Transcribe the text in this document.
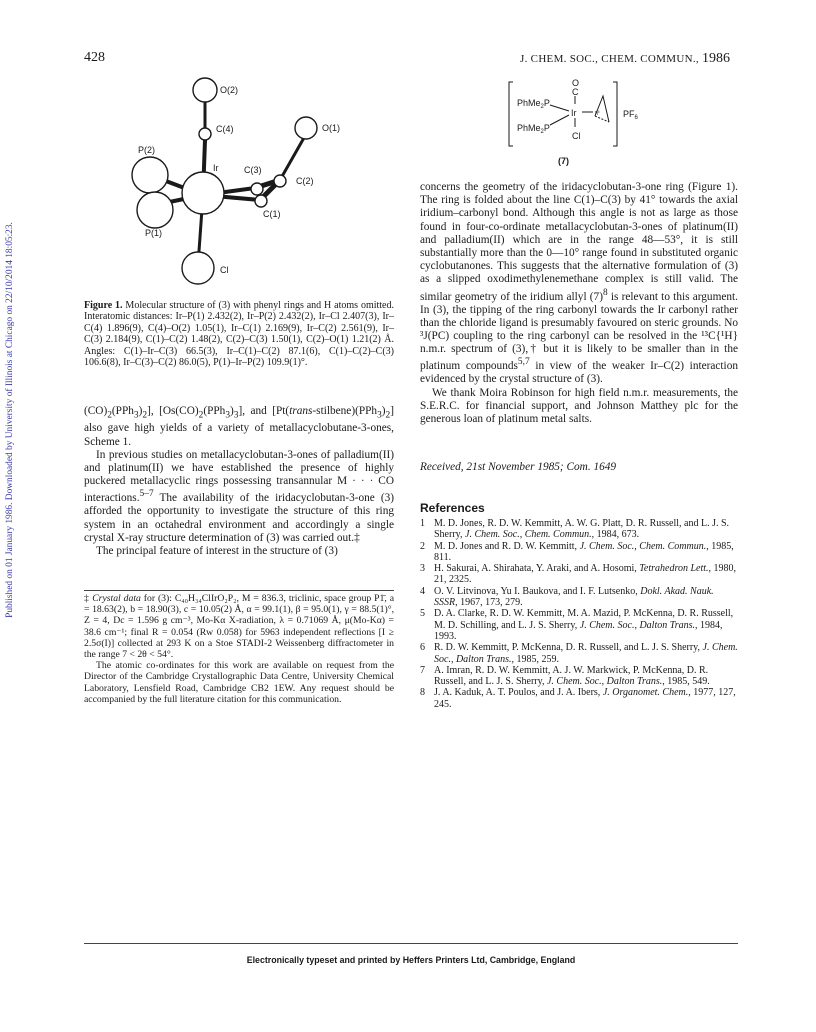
428	J. CHEM. SOC., CHEM. COMMUN., 1986
Published on 01 January 1986. Downloaded by University of Illinois at Chicago on 22/10/2014 18:05:23.
O(2)
C(4)	O(1)
P(2)
Ir	C(3)
C(2)
C(1)
P(1)
Cl
Figure 1. Molecular structure of (3) with phenyl rings and H atoms omitted. Interatomic distances: Ir–P(1) 2.432(2), Ir–P(2) 2.432(2), Ir–Cl 2.407(3), Ir–C(4) 1.896(9), C(4)–O(2) 1.05(1), Ir–C(1) 2.169(9), Ir–C(2) 2.561(9), Ir–C(3) 2.184(9), C(1)–C(2) 1.48(2), C(2)–C(3) 1.50(1), C(2)–O(1) 1.21(2) Å. Angles: C(1)–Ir–C(3) 66.5(3), Ir–C(1)–C(2) 87.1(6), C(1)–C(2)–C(3) 106.6(8), Ir–C(3)–C(2) 86.0(5), P(1)–Ir–P(2) 109.9(1)°.

$(CO)_2(PPh_3)_2$], $[Os(CO)_2(PPh_3)_3]$, and $[Pt(trans-stilbene)(PPh_3)_2]$ also gave high yields of a variety of metallacyclobutane-3-ones, Scheme 1.

In previous studies on metallacyclobutan-3-ones of palladium(II) and platinum(II) we have established the presence of highly puckered metallacyclic rings possessing transannular M · · · CO interactions.$^{5-7}$ The availability of the iridacyclobutan-3-one (3) afforded the opportunity to investigate the structure of this ring system in an octahedral environment and accordingly a single crystal X-ray structure determination of (3) was carried out.‡

The principal feature of interest in the structure of (3)

‡ Crystal data for (3): C₄₀H₃₄ClIrO₂P₂, M = 836.3, triclinic, space group P1̄, a = 18.63(2), b = 18.90(3), c = 10.05(2) Å, α = 99.1(1), β = 95.0(1), γ = 88.5(1)°, Z = 4, Dc = 1.596 g cm⁻³, Mo-Kα X-radiation, λ = 0.71069 Å, μ(Mo-Kα) = 38.6 cm⁻¹; final R = 0.054 (Rw 0.058) for 5963 independent reflections [I ≥ 2.5σ(I)] collected at 293 K on a Stoe STADI-2 Weissenberg diffractometer in the range 7 < 2θ < 54°.

The atomic co-ordinates for this work are available on request from the Director of the Cambridge Crystallographic Data Centre, University Chemical Laboratory, Lensfield Road, Cambridge CB2 1EW. Any request should be accompanied by the full literature citation for this communication.

O
C
PhMe$_2$P
Ir
PhMe$_2$P
Cl
$PF_6$
η³
(7)

concerns the geometry of the iridacyclobutan-3-one ring (Figure 1). The ring is folded about the line C(1)–C(3) by 41° towards the axial iridium–carbonyl bond. Although this angle is not as large as those found in four-co-ordinate metallacyclobutan-3-ones of platinum(II) and palladium(II) which are in the range 48—53°, it is still substantially more than the 0—10° range found in substituted organic cyclobutanones. This suggests that the alternative formulation of (3) as a slipped oxodimethylenemethane complex is still valid. The similar geometry of the iridium allyl $(7)^8$ is relevant to this argument. In (3), the tipping of the ring carbonyl towards the Ir carbonyl rather than the chloride ligand is presumably favoured on steric grounds. No ³J(PC) coupling to the ring carbonyl can be resolved in the ¹³C{¹H} n.m.r. spectrum of (3),† but it is likely to be smaller than in the platinum compounds$^{5,7}$ in view of the weaker Ir–C(2) interaction evidenced by the crystal structure of (3).

We thank Moira Robinson for high field n.m.r. measurements, the S.E.R.C. for financial support, and Johnson Matthey plc for the generous loan of platinum metal salts.

Received, 21st November 1985; Com. 1649
References
1 M. D. Jones, R. D. W. Kemmitt, A. W. G. Platt, D. R. Russell, and L. J. S. Sherry, J. Chem. Soc., Chem. Commun., 1984, 673.
2 M. D. Jones and R. D. W. Kemmitt, J. Chem. Soc., Chem. Commun., 1985, 811.
3 H. Sakurai, A. Shirahata, Y. Araki, and A. Hosomi, Tetrahedron Lett., 1980, 21, 2325.
4 O. V. Litvinova, Yu I. Baukova, and I. F. Lutsenko, Dokl. Akad. Nauk. SSSR, 1967, 173, 279.
5 D. A. Clarke, R. D. W. Kemmitt, M. A. Mazid, P. McKenna, D. R. Russell, M. D. Schilling, and L. J. S. Sherry, J. Chem. Soc., Dalton Trans., 1984, 1993.
6 R. D. W. Kemmitt, P. McKenna, D. R. Russell, and L. J. S. Sherry, J. Chem. Soc., Dalton Trans., 1985, 259.
7 A. Imran, R. D. W. Kemmitt, A. J. W. Markwick, P. McKenna, D. R. Russell, and L. J. S. Sherry, J. Chem. Soc., Dalton Trans., 1985, 549.
8 J. A. Kaduk, A. T. Poulos, and J. A. Ibers, J. Organomet. Chem., 1977, 127, 245.
Electronically typeset and printed by Heffers Printers Ltd, Cambridge, England
